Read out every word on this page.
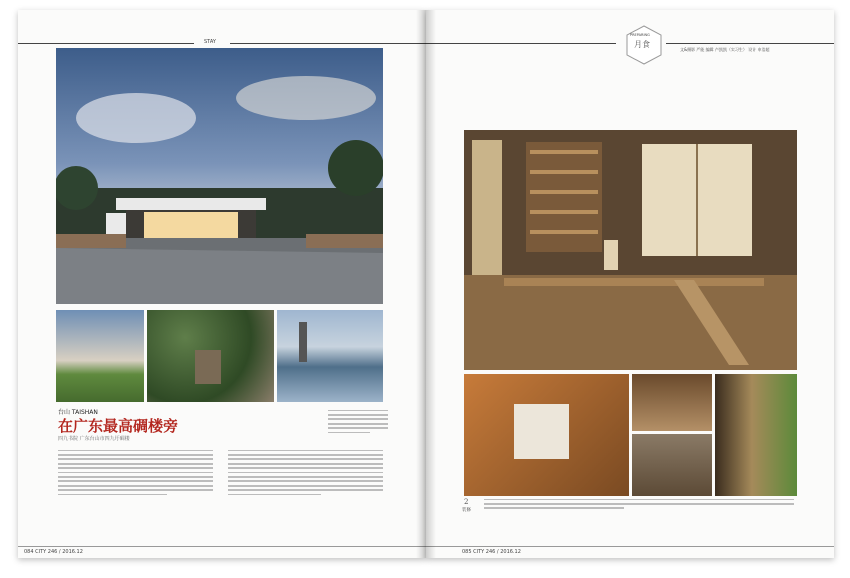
STAY
台山 TAISHAN
在广东最高碉楼旁
四九书院 广东台山市四九圩碉楼
084 CITY 246 / 2016.12
PREPARING
月食
文&摄影 严能 编辑 卢凯凯（实习生） 设计 申浩超
2
装修
085 CITY 246 / 2016.12
